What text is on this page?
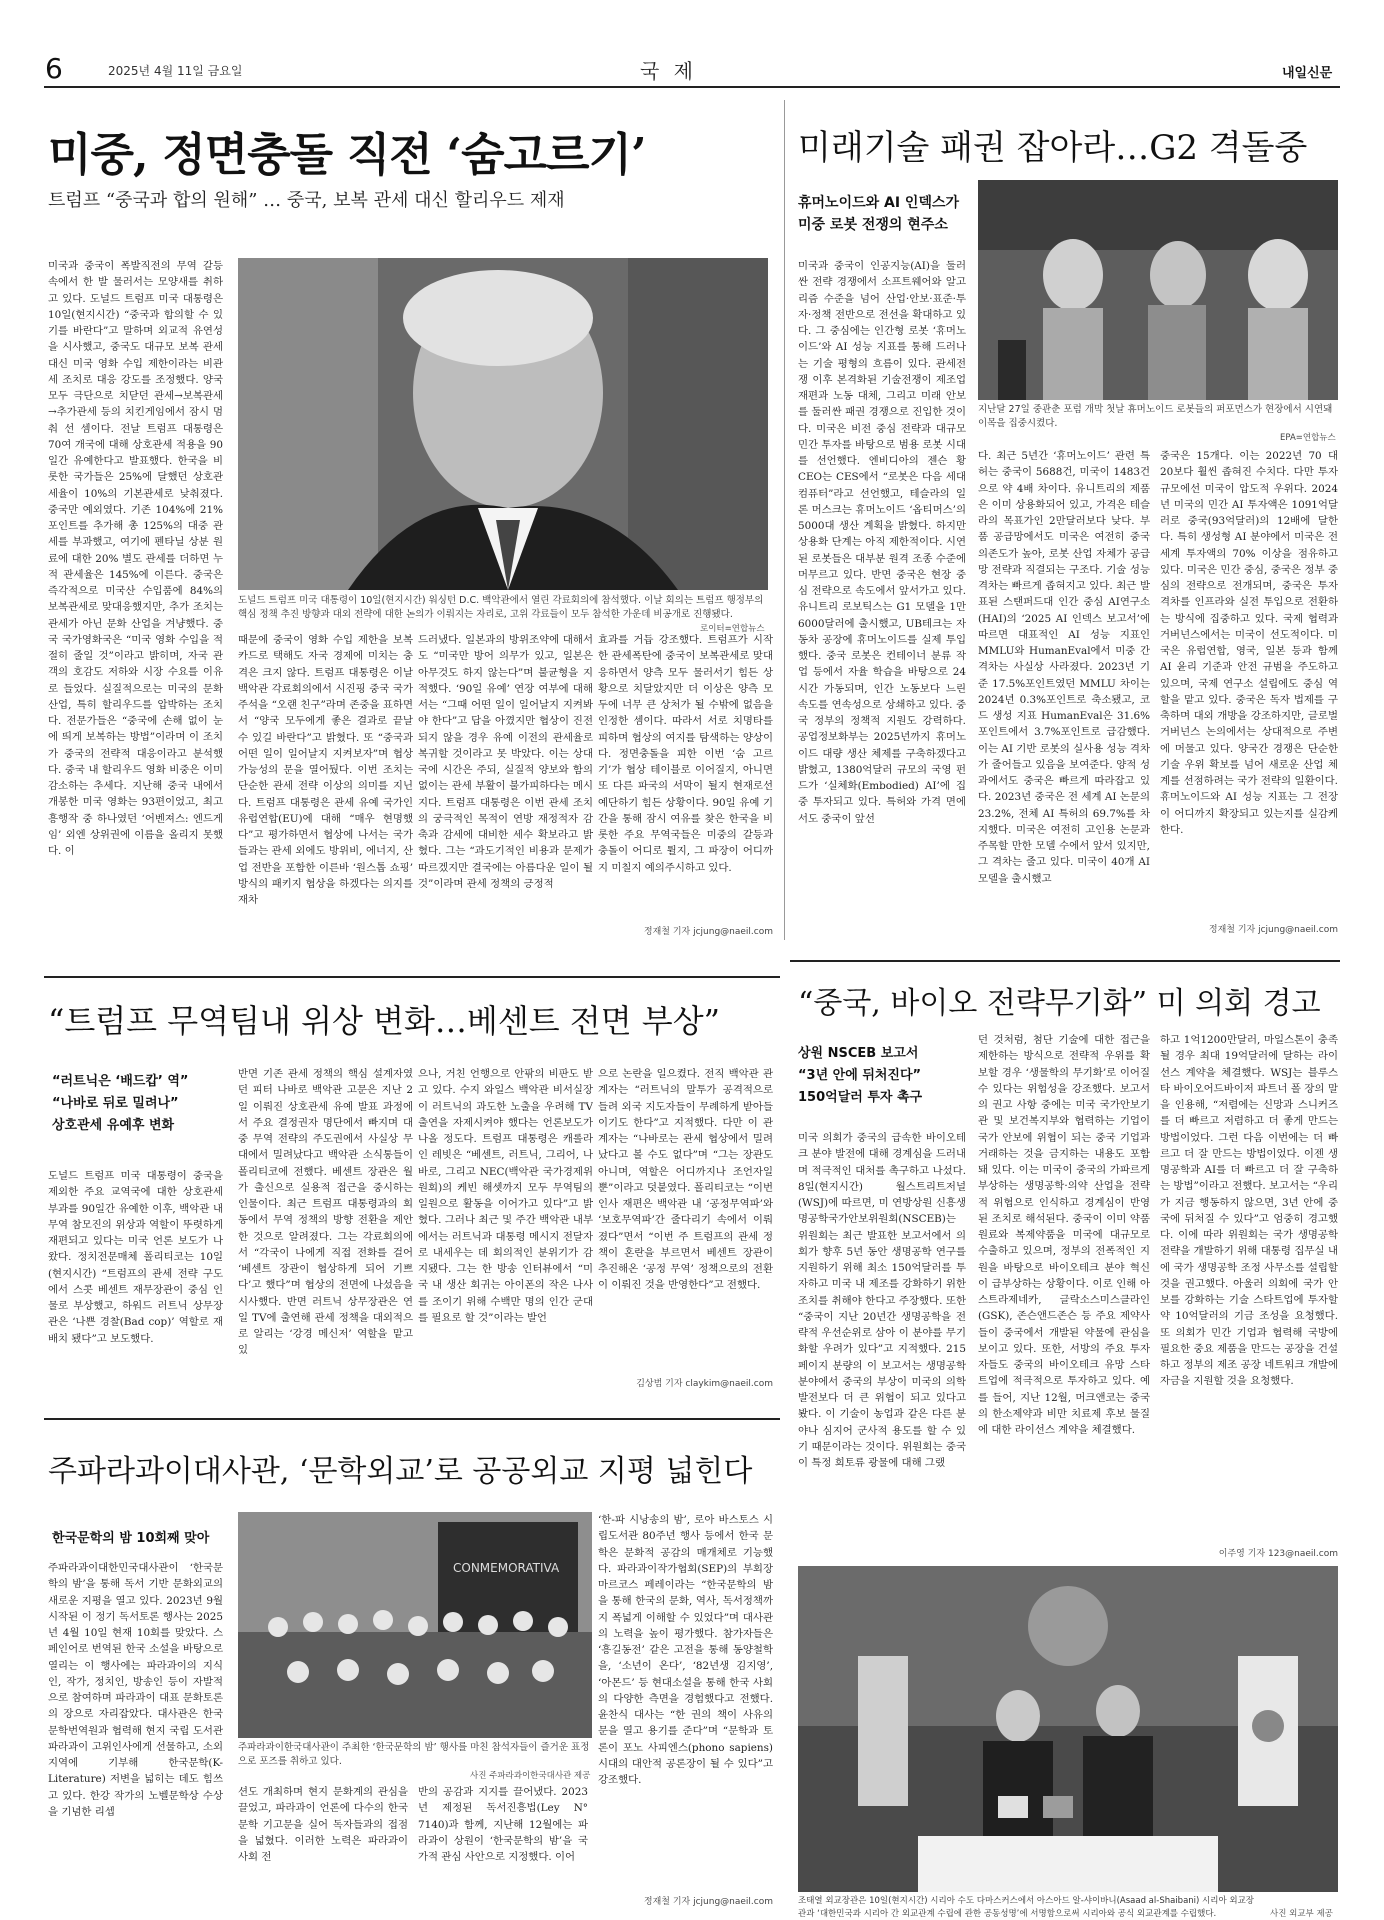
6	2025년 4월 11일 금요일	국 제	내일신문
미중, 정면충돌 직전 ‘숨고르기’
트럼프 “중국과 합의 원해” … 중국, 보복 관세 대신 할리우드 제재
미국과 중국이 폭발직전의 무역 갈등 속에서 한 발 물러서는 모양새를 취하고 있다. 도널드 트럼프 미국 대통령은 10일(현지시간) “중국과 합의할 수 있기를 바란다”고 말하며 외교적 유연성을 시사했고, 중국도 대규모 보복 관세 대신 미국 영화 수입 제한이라는 비관세 조치로 대응 강도를 조정했다. 양국 모두 극단으로 치닫던 관세→보복관세→추가관세 등의 치킨게임에서 잠시 멈춰 선 셈이다. 전날 트럼프 대통령은 70여 개국에 대해 상호관세 적용을 90일간 유예한다고 발표했다. 한국을 비롯한 국가들은 25%에 달했던 상호관세율이 10%의 기본관세로 낮춰졌다. 중국만 예외였다. 기존 104%에 21%포인트를 추가해 총 125%의 대중 관세를 부과했고, 여기에 펜타닐 상분 원료에 대한 20% 별도 관세를 더하면 누적 관세율은 145%에 이른다. 중국은 즉각적으로 미국산 수입품에 84%의 보복관세로 맞대응했지만, 추가 조치는 관세가 아닌 문화 산업을 겨냥했다. 중국 국가영화국은 “미국 영화 수입을 적절히 줄일 것”이라고 밝히며, 자국 관객의 호감도 저하와 시장 수요를 이유로 들었다. 실질적으로는 미국의 문화산업, 특히 할리우드를 압박하는 조치다. 전문가들은 “중국에 손해 없이 눈에 띄게 보복하는 방법”이라며 이 조치가 중국의 전략적 대응이라고 분석했다. 중국 내 할리우드 영화 비중은 이미 감소하는 추세다. 지난해 중국 내에서 개봉한 미국 영화는 93편이었고, 최고 흥행작 중 하나였던 ‘어벤져스: 엔드게임’ 외엔 상위권에 이름을 올리지 못했다. 이
도널드 트럼프 미국 대통령이 10일(현지시간) 워싱턴 D.C. 백악관에서 열린 각료회의에 참석했다. 이날 회의는 트럼프 행정부의 핵심 정책 추진 방향과 대외 전략에 대한 논의가 이뤄지는 자리로, 고위 각료들이 모두 참석한 가운데 비공개로 진행됐다.
로이터=연합뉴스
때문에 중국이 영화 수입 제한을 보복 카드로 택해도 자국 경제에 미치는 충격은 크지 않다. 트럼프 대통령은 이날 백악관 각료회의에서 시진핑 중국 국가주석을 “오랜 친구”라며 존중을 표하면서 “양국 모두에게 좋은 결과로 끝날 수 있길 바란다”고 밝혔다. 또 “중국과 어떤 일이 일어날지 지켜보자”며 협상 가능성의 문을 열어뒀다. 이번 조치는 단순한 관세 전략 이상의 의미를 지닌다. 트럼프 대통령은 관세 유예 국가인 유럽연합(EU)에 대해 “매우 현명했다”고 평가하면서 협상에 나서는 국가들과는 관세 외에도 방위비, 에너지, 산업 전반을 포함한 이른바 ‘원스톱 쇼핑’ 방식의 패키지 협상을 하겠다는 의지를 재차
드러냈다. 일본과의 방위조약에 대해서도 “미국만 방어 의무가 있고, 일본은 아무것도 하지 않는다”며 불균형을 지적했다. ‘90일 유예’ 연장 여부에 대해서는 “그때 어떤 일이 일어날지 지켜봐야 한다”고 답을 아꼈지만 협상이 진전되지 않을 경우 유예 이전의 관세율로 복귀할 것이라고 못 박았다. 이는 상대국에 시간은 주되, 실질적 양보와 함의 없이는 관세 부활이 불가피하다는 메시지다. 트럼프 대통령은 이번 관세 조치의 궁극적인 목적이 연방 재정적자 감축과 감세에 대비한 세수 확보라고 밝혔다. 그는 “과도기적인 비용과 문제가 따르겠지만 결국에는 아름다운 일이 될 것”이라며 관세 정책의 긍정적
효과를 거듭 강조했다. 트럼프가 시작한 관세폭탄에 중국이 보복관세로 맞대응하면서 양측 모두 물러서기 힘든 상황으로 치달았지만 더 이상은 양측 모두에 너무 큰 상처가 될 수밖에 없음을 인정한 셈이다. 따라서 서로 치명타를 피하며 협상의 여지를 탐색하는 양상이다. 정면충돌을 피한 이번 ‘숨 고르기’가 협상 테이블로 이어질지, 아니면 또 다른 파국의 서막이 될지 현재로선 예단하기 힘든 상황이다. 90일 유예 기간을 통해 잠시 여유를 찾은 한국을 비롯한 주요 무역국들은 미중의 갈등과 충돌이 어디로 튈지, 그 파장이 어디까지 미칠지 예의주시하고 있다.
정재철 기자 jcjung@naeil.com
미래기술 패권 잡아라…G2 격돌중
휴머노이드와 AI 인덱스가
미중 로봇 전쟁의 현주소
미국과 중국이 인공지능(AI)을 둘러싼 전략 경쟁에서 소프트웨어와 알고리즘 수준을 넘어 산업·안보·표준·투자·정책 전반으로 전선을 확대하고 있다. 그 중심에는 인간형 로봇 ‘휴머노이드’와 AI 성능 지표를 통해 드러나는 기술 평형의 흐름이 있다. 관세전쟁 이후 본격화된 기술전쟁이 제조업 재편과 노동 대체, 그리고 미래 안보를 둘러싼 패권 경쟁으로 진입한 것이다. 미국은 비전 중심 전략과 대규모 민간 투자를 바탕으로 범용 로봇 시대를 선언했다. 엔비디아의 젠슨 황 CEO는 CES에서 “로봇은 다음 세대 컴퓨터”라고 선언했고, 테슬라의 일론 머스크는 휴머노이드 ‘옵티머스’의 5000대 생산 계획을 밝혔다. 하지만 상용화 단계는 아직 제한적이다. 시연된 로봇들은 대부분 원격 조종 수준에 머무르고 있다. 반면 중국은 현장 중심 전략으로 속도에서 앞서가고 있다. 유니트리 로보틱스는 G1 모델을 1만6000달러에 출시했고, UB테크는 자동차 공장에 휴머노이드를 실제 투입했다. 중국 로봇은 컨테이너 분류 작업 등에서 자율 학습을 바탕으로 24시간 가동되며, 인간 노동보다 느린 속도를 연속성으로 상쇄하고 있다. 중국 정부의 정책적 지원도 강력하다. 공업정보화부는 2025년까지 휴머노이드 대량 생산 체제를 구축하겠다고 밝혔고, 1380억달러 규모의 국영 펀드가 ‘실체화(Embodied) AI’에 집중 투자되고 있다. 특허와 가격 면에서도 중국이 앞선
지난달 27일 중관춘 포럼 개막 첫날 휴머노이드 로봇들의 퍼포먼스가 현장에서 시연돼 이목을 집중시켰다.
EPA=연합뉴스
다. 최근 5년간 ‘휴머노이드’ 관련 특허는 중국이 5688건, 미국이 1483건으로 약 4배 차이다. 유니트리의 제품은 이미 상용화되어 있고, 가격은 테슬라의 목표가인 2만달러보다 낮다. 부품 공급망에서도 미국은 여전히 중국 의존도가 높아, 로봇 산업 자체가 공급망 전략과 직결되는 구조다. 기술 성능 격차는 빠르게 좁혀지고 있다. 최근 발표된 스탠퍼드대 인간 중심 AI연구소(HAI)의 ‘2025 AI 인덱스 보고서’에 따르면 대표적인 AI 성능 지표인 MMLU와 HumanEval에서 미중 간 격차는 사실상 사라졌다. 2023년 기준 17.5%포인트였던 MMLU 차이는 2024년 0.3%포인트로 축소됐고, 코드 생성 지표 HumanEval은 31.6%포인트에서 3.7%포인트로 급감했다. 이는 AI 기반 로봇의 실사용 성능 격차가 줄어들고 있음을 보여준다. 양적 성과에서도 중국은 빠르게 따라잡고 있다. 2023년 중국은 전 세계 AI 논문의 23.2%, 전체 AI 특허의 69.7%를 차지했다. 미국은 여전히 고인용 논문과 주목할 만한 모델 수에서 앞서 있지만, 그 격차는 줄고 있다. 미국이 40개 AI 모델을 출시했고
중국은 15개다. 이는 2022년 70 대 20보다 훨씬 좁혀진 수치다. 다만 투자 규모에선 미국이 압도적 우위다. 2024년 미국의 민간 AI 투자액은 1091억달러로 중국(93억달러)의 12배에 달한다. 특히 생성형 AI 분야에서 미국은 전 세계 투자액의 70% 이상을 점유하고 있다. 미국은 민간 중심, 중국은 정부 중심의 전략으로 전개되며, 중국은 투자 격차를 인프라와 실전 투입으로 전환하는 방식에 집중하고 있다. 국제 협력과 거버넌스에서는 미국이 선도적이다. 미국은 유럽연합, 영국, 일본 등과 함께 AI 윤리 기준과 안전 규범을 주도하고 있으며, 국제 연구소 설립에도 중심 역할을 맡고 있다. 중국은 독자 법제를 구축하며 대외 개방을 강조하지만, 글로벌 거버넌스 논의에서는 상대적으로 주변에 머물고 있다. 양국간 경쟁은 단순한 기술 우위 확보를 넘어 새로운 산업 체계를 선점하려는 국가 전략의 일환이다. 휴머노이드와 AI 성능 지표는 그 전장이 어디까지 확장되고 있는지를 실감케 한다.
정재철 기자 jcjung@naeil.com
“트럼프 무역팀내 위상 변화…베센트 전면 부상”
“러트닉은 ‘배드캅’ 역”
“나바로 뒤로 밀려나”
상호관세 유예후 변화
도널드 트럼프 미국 대통령이 중국을 제외한 주요 교역국에 대한 상호관세 부과를 90일간 유예한 이후, 백악관 내 무역 참모진의 위상과 역할이 뚜렷하게 재편되고 있다는 미국 언론 보도가 나왔다. 정치전문매체 폴리티코는 10일(현지시간) “트럼프의 관세 전략 구도에서 스콧 베센트 재무장관이 중심 인물로 부상했고, 하워드 러트닉 상무장관은 ‘나쁜 경찰(Bad cop)’ 역할로 재배치 됐다”고 보도했다.
반면 기존 관세 정책의 핵심 설계자였던 피터 나바로 백악관 고문은 지난 2일 이뤄진 상호관세 유예 발표 과정에서 주요 결정권자 명단에서 빠지며 대중 무역 전략의 주도권에서 사실상 무대에서 밀려났다고 백악관 소식통들이 폴리티코에 전했다. 베센트 장관은 월가 출신으로 실용적 접근을 중시하는 인물이다. 최근 트럼프 대통령과의 회동에서 무역 정책의 방향 전환을 제안한 것으로 알려졌다. 그는 각료회의에서 “각국이 나에게 직접 전화를 걸어 ‘베센트 장관이 협상하게 되어 기쁘다’고 했다”며 협상의 전면에 나섰음을 시사했다. 반면 러트닉 상무장관은 연일 TV에 출연해 관세 정책을 대외적으로 알리는 ‘강경 메신저’ 역할을 맡고 있
으나, 거친 언행으로 안팎의 비판도 받고 있다. 수지 와일스 백악관 비서실장이 러트닉의 과도한 노출을 우려해 TV 출연을 자제시켜야 했다는 언론보도가 나올 정도다. 트럼프 대통령은 캐롤라인 레빗은 “베센트, 러트닉, 그리어, 나바로, 그리고 NEC(백악관 국가경제위원회)의 케빈 해셋까지 모두 무역팀의 일원으로 활동을 이어가고 있다”고 밝혔다. 그러나 최근 및 주간 백악관 내부에서는 러트닉과 대통령 메시지 전달자로 내세우는 데 회의적인 분위기가 감지됐다. 그는 한 방송 인터뷰에서 “미국 내 생산 회귀는 아이폰의 작은 나사를 조이기 위해 수백만 명의 인간 군대를 필요로 할 것”이라는 발언
으로 논란을 일으켰다. 전직 백악관 관계자는 “러트닉의 말투가 공격적으로 들려 외국 지도자들이 무례하게 받아들이기도 한다”고 지적했다. 다만 이 관계자는 “나바로는 관세 협상에서 밀려났다고 볼 수도 없다”며 “그는 장관도 아니며, 역할은 어디까지나 조언자일 뿐”이라고 덧붙였다. 폴리티코는 “이번 인사 재편은 백악관 내 ‘공정무역파’와 ‘보호무역파’간 줄다리기 속에서 이뤄졌다”면서 “이번 주 트럼프의 관세 정책이 혼란을 부르면서 베센트 장관이 추진해온 ‘공정 무역’ 정책으로의 전환이 이뤄진 것을 반영한다”고 전했다.
김상범 기자 claykim@naeil.com
“중국, 바이오 전략무기화” 미 의회 경고
상원 NSCEB 보고서
“3년 안에 뒤처진다”
150억달러 투자 촉구
미국 의회가 중국의 급속한 바이오테크 분야 발전에 대해 경계심을 드러내며 적극적인 대처를 촉구하고 나섰다. 8일(현지시간) 월스트리트저널(WSJ)에 따르면, 미 연방상원 신흥생명공학국가안보위원회(NSCEB)는 위원회는 최근 발표한 보고서에서 의회가 향후 5년 동안 생명공학 연구를 지원하기 위해 최소 150억달러를 투자하고 미국 내 제조를 강화하기 위한 조치를 취해야 한다고 주장했다. 또한 “중국이 지난 20년간 생명공학을 전략적 우선순위로 삼아 이 분야를 무기화할 우려가 있다”고 지적했다. 215페이지 분량의 이 보고서는 생명공학 분야에서 중국의 부상이 미국의 의학 발전보다 더 큰 위협이 되고 있다고 봤다. 이 기술이 농업과 같은 다른 분야나 심지어 군사적 용도를 할 수 있기 때문이라는 것이다. 위원회는 중국이 특정 희토류 광물에 대해 그랬
던 것처럼, 첨단 기술에 대한 접근을 제한하는 방식으로 전략적 우위를 확보할 경우 ‘생물학의 무기화’로 이어질 수 있다는 위험성을 강조했다. 보고서의 권고 사항 중에는 미국 국가안보기관 및 보건복지부와 협력하는 기업이 국가 안보에 위협이 되는 중국 기업과 거래하는 것을 금지하는 내용도 포함돼 있다. 이는 미국이 중국의 가파르게 부상하는 생명공학·의약 산업을 전략적 위협으로 인식하고 경계심이 반영된 조치로 해석된다. 중국이 이미 약품 원료와 복제약품을 미국에 대규모로 수출하고 있으며, 정부의 전폭적인 지원을 바탕으로 바이오테크 분야 혁신이 급부상하는 상황이다. 이로 인해 아스트라제네카, 글락소스미스클라인(GSK), 존슨앤드존슨 등 주요 제약사들이 중국에서 개발된 약물에 관심을 보이고 있다. 또한, 서방의 주요 투자자들도 중국의 바이오테크 유망 스타트업에 적극적으로 투자하고 있다. 예를 들어, 지난 12월, 머크앤코는 중국의 한소제약과 비만 치료제 후보 물질에 대한 라이선스 계약을 체결했다.
하고 1억1200만달러, 마일스톤이 충족될 경우 최대 19억달러에 달하는 라이선스 계약을 체결했다. WSJ는 블루스타 바이오어드바이저 파트너 폴 장의 말을 인용해, “저렴에는 신망과 스니커즈를 더 빠르고 저렴하고 더 좋게 만드는 방법이었다. 그런 다음 이번에는 더 빠르고 더 잘 만드는 방법이었다. 이젠 생명공학과 AI를 더 빠르고 더 잘 구축하는 방법”이라고 전했다. 보고서는 “우리가 지금 행동하지 않으면, 3년 안에 중국에 뒤처질 수 있다”고 엄중히 경고했다. 이에 따라 위원회는 국가 생명공학 전략을 개발하기 위해 대통령 집무실 내에 국가 생명공학 조정 사무소를 설립할 것을 권고했다. 아울러 의회에 국가 안보를 강화하는 기술 스타트업에 투자할 약 10억달러의 기금 조성을 요청했다. 또 의회가 민간 기업과 협력해 국방에 필요한 중요 제품을 만드는 공장을 건설하고 정부의 제조 공장 네트워크 개발에 자금을 지원할 것을 요청했다.
이주영 기자 123@naeil.com
주파라과이대사관, ‘문학외교’로 공공외교 지평 넓힌다
한국문학의 밤 10회째 맞아
주파라과이대한민국대사관이 ‘한국문학의 밤’을 통해 독서 기반 문화외교의 새로운 지평을 열고 있다. 2023년 9월 시작된 이 정기 독서토론 행사는 2025년 4월 10일 현재 10회를 맞았다. 스페인어로 번역된 한국 소설을 바탕으로 열리는 이 행사에는 파라과이의 지식인, 작가, 정치인, 방송인 등이 자발적으로 참여하며 파라과이 대표 문화토론의 장으로 자리잡았다. 대사관은 한국문학번역원과 협력해 현지 국립 도서관 파라과이 고위인사에게 선물하고, 소외 지역에 기부해 한국문학(K-Literature) 저변을 넓히는 데도 힘쓰고 있다. 한강 작가의 노벨문학상 수상을 기념한 리셉
CONMEMORATIVA
주파라과이한국대사관이 주최한 ‘한국문학의 밤’ 행사를 마친 참석자들이 즐거운 표정으로 포즈를 취하고 있다.
사진 주파라과이한국대사관 제공
션도 개최하며 현지 문화계의 관심을 끌었고, 파라과이 언론에 다수의 한국문학 기고문을 실어 독자들과의 접점을 넓혔다. 이러한 노력은 파라과이 사회 전
반의 공감과 지지를 끌어냈다. 2023년 제정된 독서진흥법(Ley N° 7140)과 함께, 지난해 12월에는 파라과이 상원이 ‘한국문학의 밤’을 국가적 관심 사안으로 지정했다. 이어
‘한-파 시낭송의 밤’, 로아 바스토스 시립도서관 80주년 행사 등에서 한국 문학은 문화적 공감의 매개체로 기능했다. 파라과이작가협회(SEP)의 부회장 마르코스 페레이라는 “한국문학의 밤을 통해 한국의 문화, 역사, 독서정책까지 폭넓게 이해할 수 있었다”며 대사관의 노력을 높이 평가했다. 참가자들은 ‘흥길동전’ 같은 고전을 통해 동양철학을, ‘소년이 온다’, ‘82년생 김지영’, ‘아몬드’ 등 현대소설을 통해 한국 사회의 다양한 측면을 경험했다고 전했다. 윤찬식 대사는 “한 권의 책이 사유의 문을 열고 용기를 준다”며 “문학과 토론이 포노 사피엔스(phono sapiens) 시대의 대안적 공론장이 될 수 있다”고 강조했다.
정재철 기자 jcjung@naeil.com	조태열 외교장관은 10일(현지시간) 시리아 수도 다마스커스에서 아스아드 알-샤이바니(Asaad al-Shaibani) 시리아 외교장관과 ‘대한민국과 시리아 간 외교관계 수립에 관한 공동성명’에 서명함으로써 시리아와 공식 외교관계를 수립했다.	사진 외교부 제공
